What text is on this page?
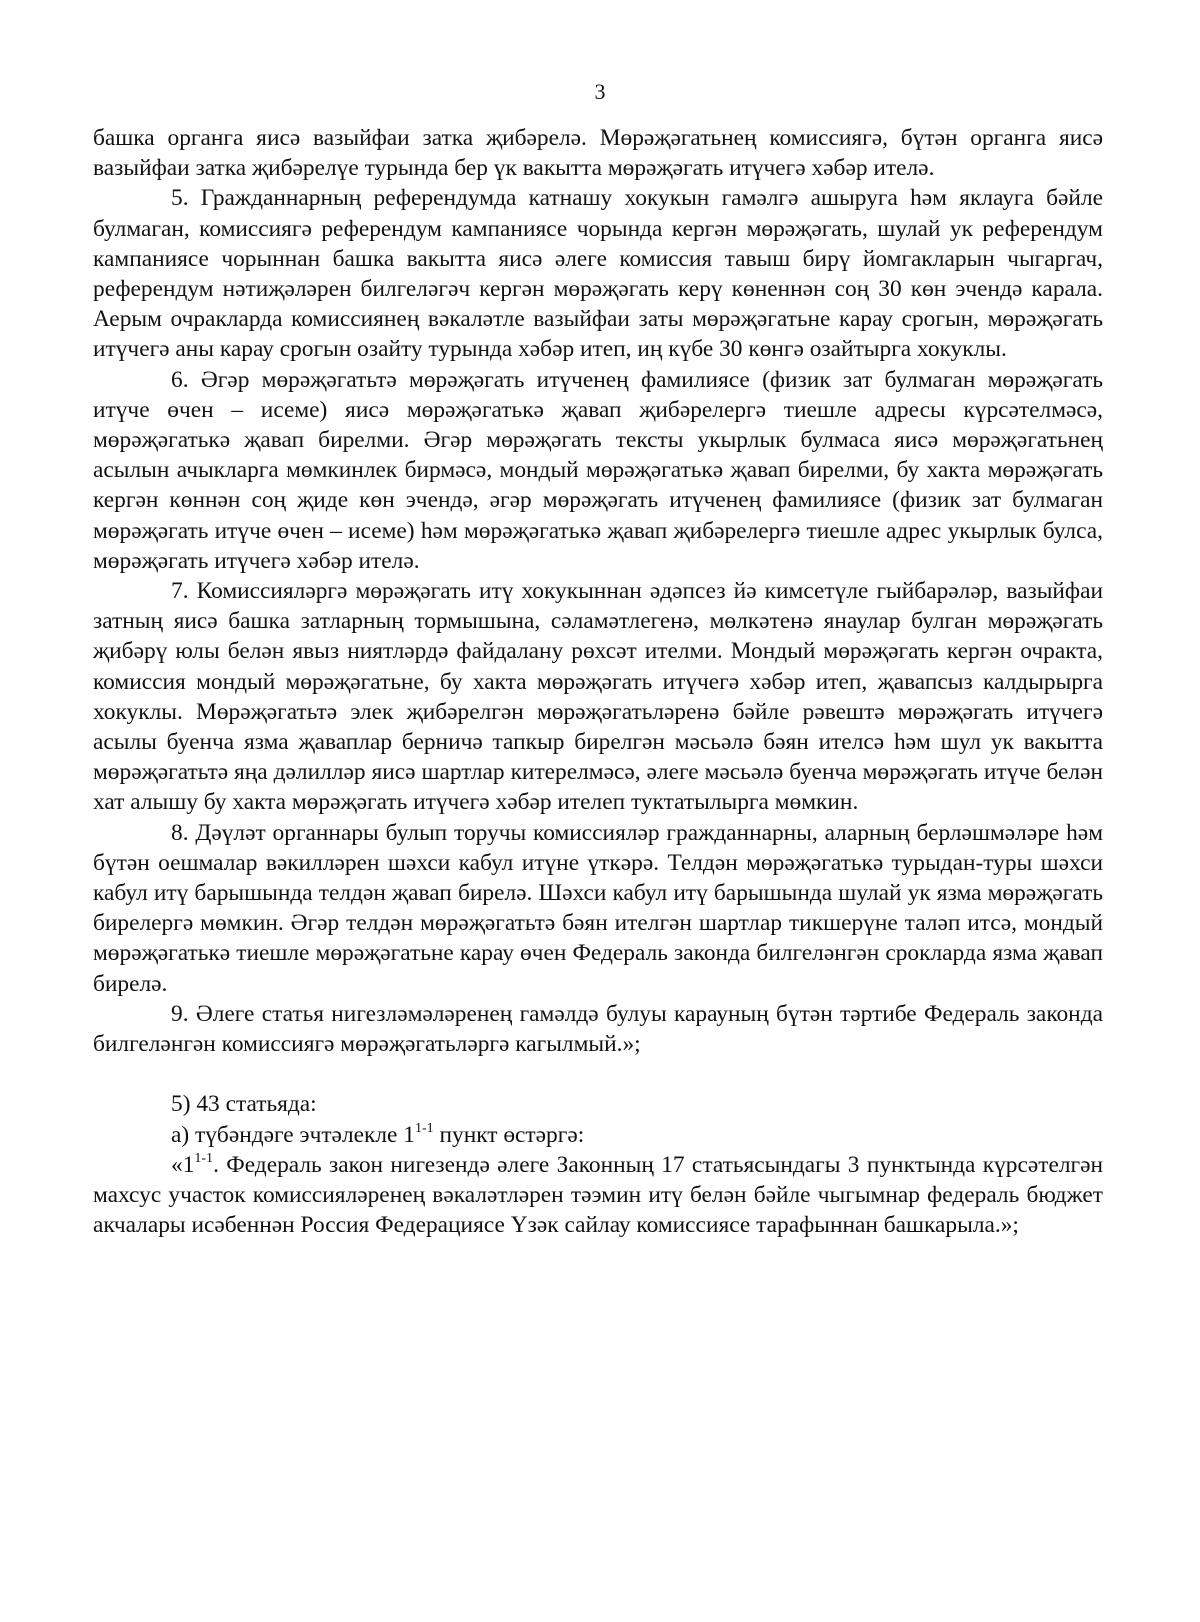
3

башка органга яисә вазыйфаи затка җибәрелә. Мөрәҗәгатьнең комиссиягә, бүтән органга яисә вазыйфаи затка җибәрелүе турында бер үк вакытта мөрәҗәгать итүчегә хәбәр ителә.

5. Гражданнарның референдумда катнашу хокукын гамәлгә ашыруга һәм яклауга бәйле булмаган, комиссиягә референдум кампаниясе чорында кергән мөрәҗәгать, шулай ук референдум кампаниясе чорыннан башка вакытта яисә әлеге комиссия тавыш бирү йомгакларын чыгаргач, референдум нәтиҗәләрен билгеләгәч кергән мөрәҗәгать керү көненнән соң 30 көн эчендә карала. Аерым очракларда комиссиянең вәкаләтле вазыйфаи заты мөрәҗәгатьне карау срогын, мөрәҗәгать итүчегә аны карау срогын озайту турында хәбәр итеп, иң күбе 30 көнгә озайтырга хокуклы.

6. Әгәр мөрәҗәгатьтә мөрәҗәгать итүченең фамилиясе (физик зат булмаган мөрәҗәгать итүче өчен – исеме) яисә мөрәҗәгатькә җавап җибәрелергә тиешле адресы күрсәтелмәсә, мөрәҗәгатькә җавап бирелми. Әгәр мөрәҗәгать тексты укырлык булмаса яисә мөрәҗәгатьнең асылын ачыкларга мөмкинлек бирмәсә, мондый мөрәҗәгатькә җавап бирелми, бу хакта мөрәҗәгать кергән көннән соң җиде көн эчендә, әгәр мөрәҗәгать итүченең фамилиясе (физик зат булмаган мөрәҗәгать итүче өчен – исеме) һәм мөрәҗәгатькә җавап җибәрелергә тиешле адрес укырлык булса, мөрәҗәгать итүчегә хәбәр ителә.

7. Комиссияләргә мөрәҗәгать итү хокукыннан әдәпсез йә кимсетүле гыйбарәләр, вазыйфаи затның яисә башка затларның тормышына, сәламәтлегенә, мөлкәтенә янаулар булган мөрәҗәгать җибәрү юлы белән явыз ниятләрдә файдалану рөхсәт ителми. Мондый мөрәҗәгать кергән очракта, комиссия мондый мөрәҗәгатьне, бу хакта мөрәҗәгать итүчегә хәбәр итеп, җавапсыз калдырырга хокуклы. Мөрәҗәгатьтә элек җибәрелгән мөрәҗәгатьләренә бәйле рәвештә мөрәҗәгать итүчегә асылы буенча язма җаваплар берничә тапкыр бирелгән мәсьәлә бәян ителсә һәм шул ук вакытта мөрәҗәгатьтә яңа дәлилләр яисә шартлар китерелмәсә, әлеге мәсьәлә буенча мөрәҗәгать итүче белән хат алышу бу хакта мөрәҗәгать итүчегә хәбәр ителеп туктатылырга мөмкин.

8. Дәүләт органнары булып торучы комиссияләр гражданнарны, аларның берләшмәләре һәм бүтән оешмалар вәкилләрен шәхси кабул итүне үткәрә. Телдән мөрәҗәгатькә турыдан-туры шәхси кабул итү барышында телдән җавап бирелә. Шәхси кабул итү барышында шулай ук язма мөрәҗәгать бирелергә мөмкин. Әгәр телдән мөрәҗәгатьтә бәян ителгән шартлар тикшерүне таләп итсә, мондый мөрәҗәгатькә тиешле мөрәҗәгатьне карау өчен Федераль законда билгеләнгән срокларда язма җавап бирелә.

9. Әлеге статья нигезләмәләренең гамәлдә булуы карауның бүтән тәртибе Федераль законда билгеләнгән комиссиягә мөрәҗәгатьләргә кагылмый.»;

5) 43 статьяда:

а) түбәндәге эчтәлекле 1$^{1-1}$ пункт өстәргә:

«1$^{1-1}$. Федераль закон нигезендә әлеге Законның 17 статьясындагы 3 пунктында күрсәтелгән махсус участок комиссияләренең вәкаләтләрен тәэмин итү белән бәйле чыгымнар федераль бюджет акчалары исәбеннән Россия Федерациясе Үзәк сайлау комиссиясе тарафыннан башкарыла.»;
